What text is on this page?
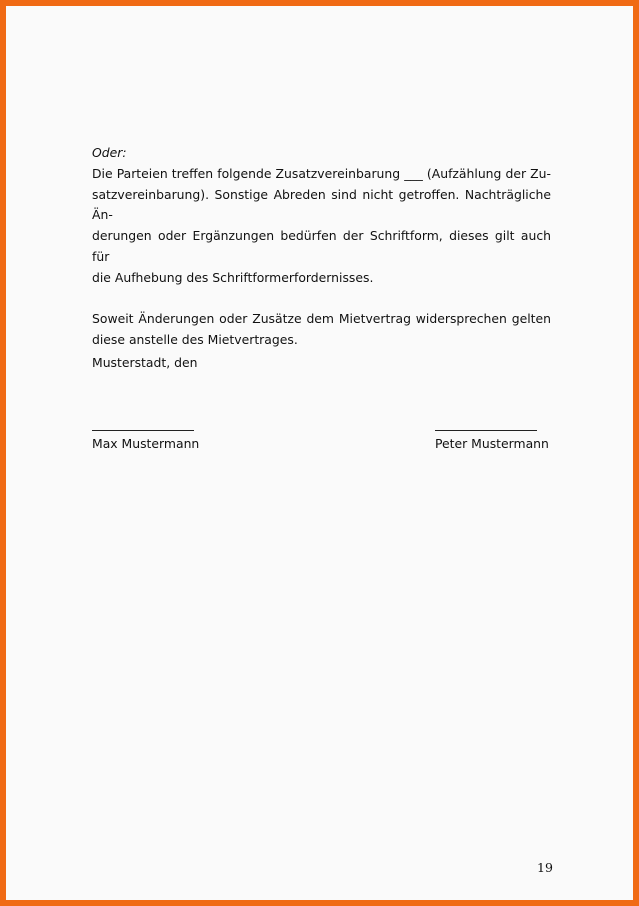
Oder:

Die Parteien treffen folgende Zusatzvereinbarung ___ (Aufzählung der Zu-
satzvereinbarung). Sonstige Abreden sind nicht getroffen. Nachträgliche Än-
derungen oder Ergänzungen bedürfen der Schriftform, dieses gilt auch für
die Aufhebung des Schriftformerfordernisses.

Soweit Änderungen oder Zusätze dem Mietvertrag widersprechen gelten
diese anstelle des Mietvertrages.

Musterstadt, den
Max Mustermann	Peter Mustermann
19
